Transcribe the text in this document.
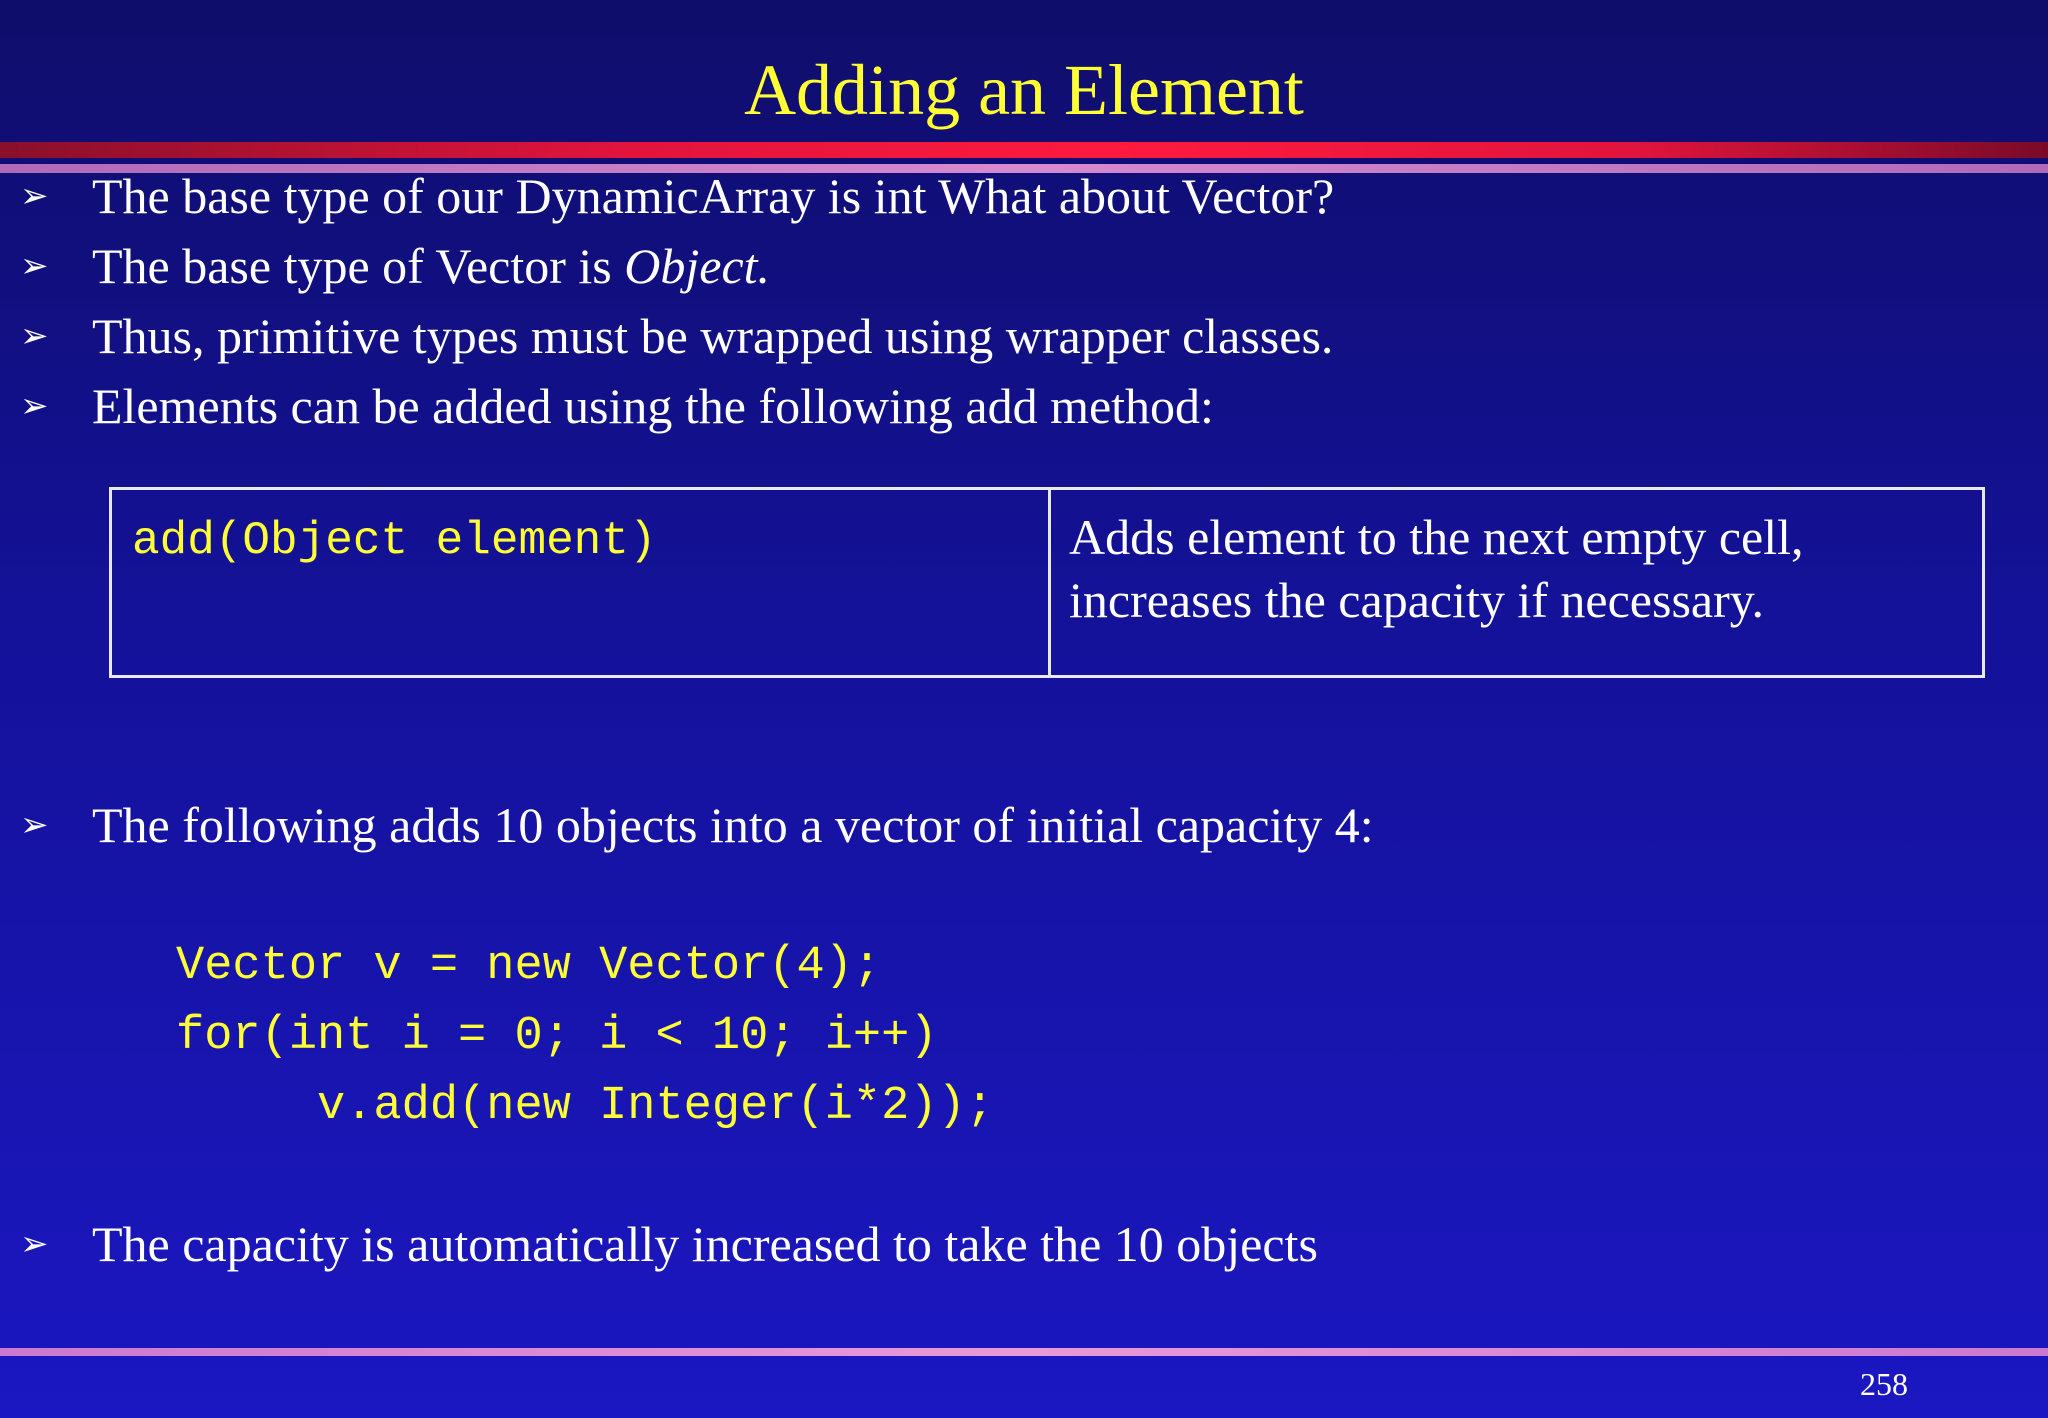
Adding an Element
➢ The base type of our DynamicArray is int What about Vector?
➢ The base type of Vector is Object.
➢ Thus, primitive types must be wrapped using wrapper classes.
➢ Elements can be added using the following add method:
add(Object element)	Adds element to the next empty cell,
increases the capacity if necessary.
➢ The following adds 10 objects into a vector of initial capacity 4:
Vector v = new Vector(4);
for(int i = 0; i < 10; i++)
v.add(new Integer(i*2));
➢ The capacity is automatically increased to take the 10 objects
258
